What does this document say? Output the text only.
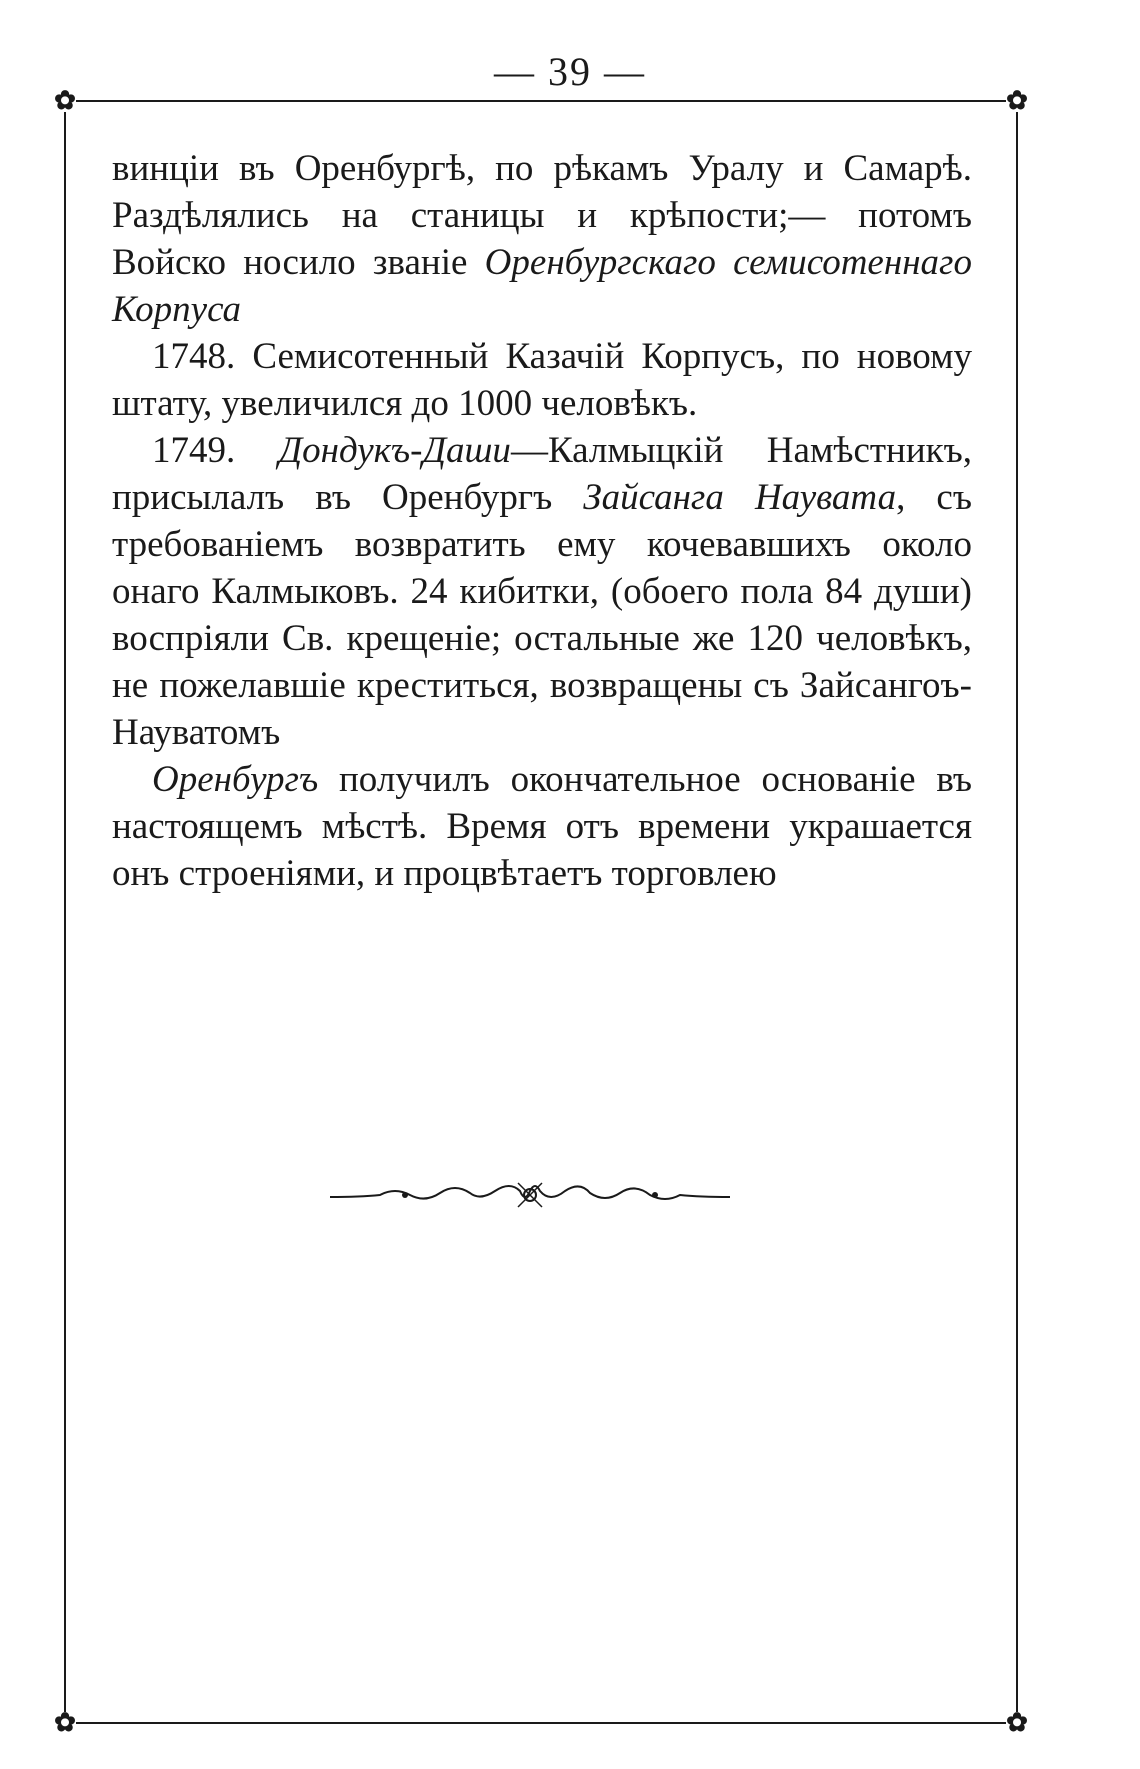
— 39 —
✿	✿
✿	✿

винціи въ Оренбургѣ, по рѣкамъ Уралу и Самарѣ. Раздѣлялись на станицы и крѣпости;— потомъ Войско носило званіе Оренбургскаго семисотеннаго Корпуса

1748. Семисотенный Казачій Корпусъ, по новому штату, увеличился до 1000 человѣкъ.

1749. Дондукъ-Даши—Калмыцкій Намѣстникъ, присылалъ въ Оренбургъ Зайсанга Наувата, съ требованіемъ возвратить ему кочевавшихъ около онаго Калмыковъ. 24 кибитки, (обоего пола 84 души) воспріяли Св. крещеніе; остальные же 120 человѣкъ, не пожелавшіе креститься, возвращены съ Зайсангоъ-Науватомъ

Оренбургъ получилъ окончательное основаніе въ настоящемъ мѣстѣ. Время отъ времени украшается онъ строеніями, и процвѣтаетъ торговлею
